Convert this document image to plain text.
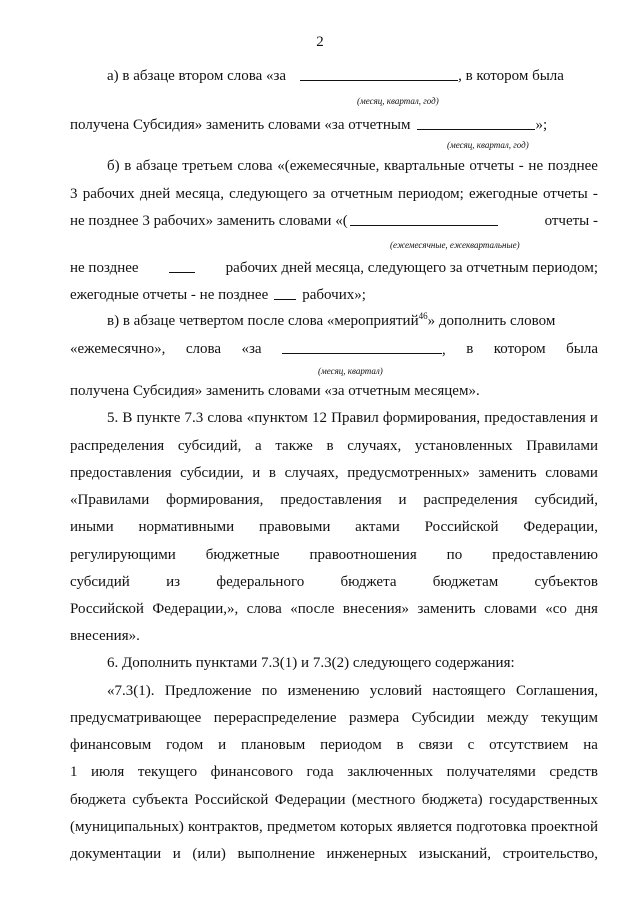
2
а) в абзаце втором слова «за	, в котором была
(месяц, квартал, год)
получена Субсидия» заменить словами «за отчетным	»;
(месяц, квартал, год)
б) в абзаце третьем слова «(ежемесячные, квартальные отчеты - не позднее
3 рабочих дней месяца, следующего за отчетным периодом; ежегодные отчеты -
не позднее 3 рабочих» заменить словами «(	отчеты -
(ежемесячные, ежеквартальные)
не позднее	рабочих дней месяца, следующего за отчетным периодом;
ежегодные отчеты - не позднее рабочих»;
в) в абзаце четвертом после слова «мероприятий$^{46}$» дополнить словом
«ежемесячно», слова «за	, в котором была
(месяц, квартал)
получена Субсидия» заменить словами «за отчетным месяцем».
5. В пункте 7.3 слова «пунктом 12 Правил формирования, предоставления и
распределения субсидий, а также в случаях, установленных Правилами
предоставления субсидии, и в случаях, предусмотренных» заменить словами
«Правилами формирования, предоставления и распределения субсидий,
иными нормативными правовыми актами Российской Федерации,
регулирующими бюджетные правоотношения по предоставлению
субсидий из федерального бюджета бюджетам субъектов
Российской Федерации,», слова «после внесения» заменить словами «со дня
внесения».
6. Дополнить пунктами 7.3(1) и 7.3(2) следующего содержания:
«7.3(1). Предложение по изменению условий настоящего Соглашения,
предусматривающее перераспределение размера Субсидии между текущим
финансовым годом и плановым периодом в связи с отсутствием на
1 июля текущего финансового года заключенных получателями средств
бюджета субъекта Российской Федерации (местного бюджета) государственных
(муниципальных) контрактов, предметом которых является подготовка проектной
документации и (или) выполнение инженерных изысканий, строительство,
